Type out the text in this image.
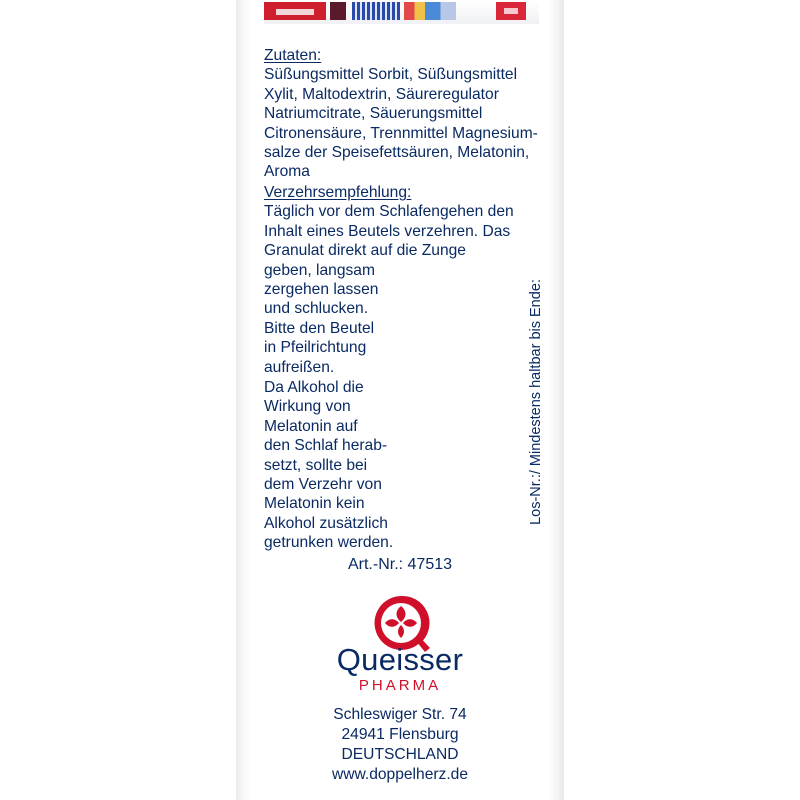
Zutaten:
Süßungsmittel Sorbit, Süßungsmittel
Xylit, Maltodextrin, Säureregulator
Natriumcitrate, Säuerungsmittel
Citronensäure, Trennmittel Magnesium-
salze der Speisefettsäuren, Melatonin,
Aroma
Verzehrsempfehlung:
Täglich vor dem Schlafengehen den
Inhalt eines Beutels verzehren. Das
Granulat direkt auf die Zunge
geben, langsam
zergehen lassen
und schlucken.
Bitte den Beutel
in Pfeilrichtung
aufreißen.
Da Alkohol die
Wirkung von
Melatonin auf
den Schlaf herab-
setzt, sollte bei
dem Verzehr von
Melatonin kein
Alkohol zusätzlich
getrunken werden.
Los-Nr.:/ Mindestens haltbar bis Ende:
Art.-Nr.: 47513
Queisser
PHARMA
Schleswiger Str. 74
24941 Flensburg
DEUTSCHLAND
www.doppelherz.de
